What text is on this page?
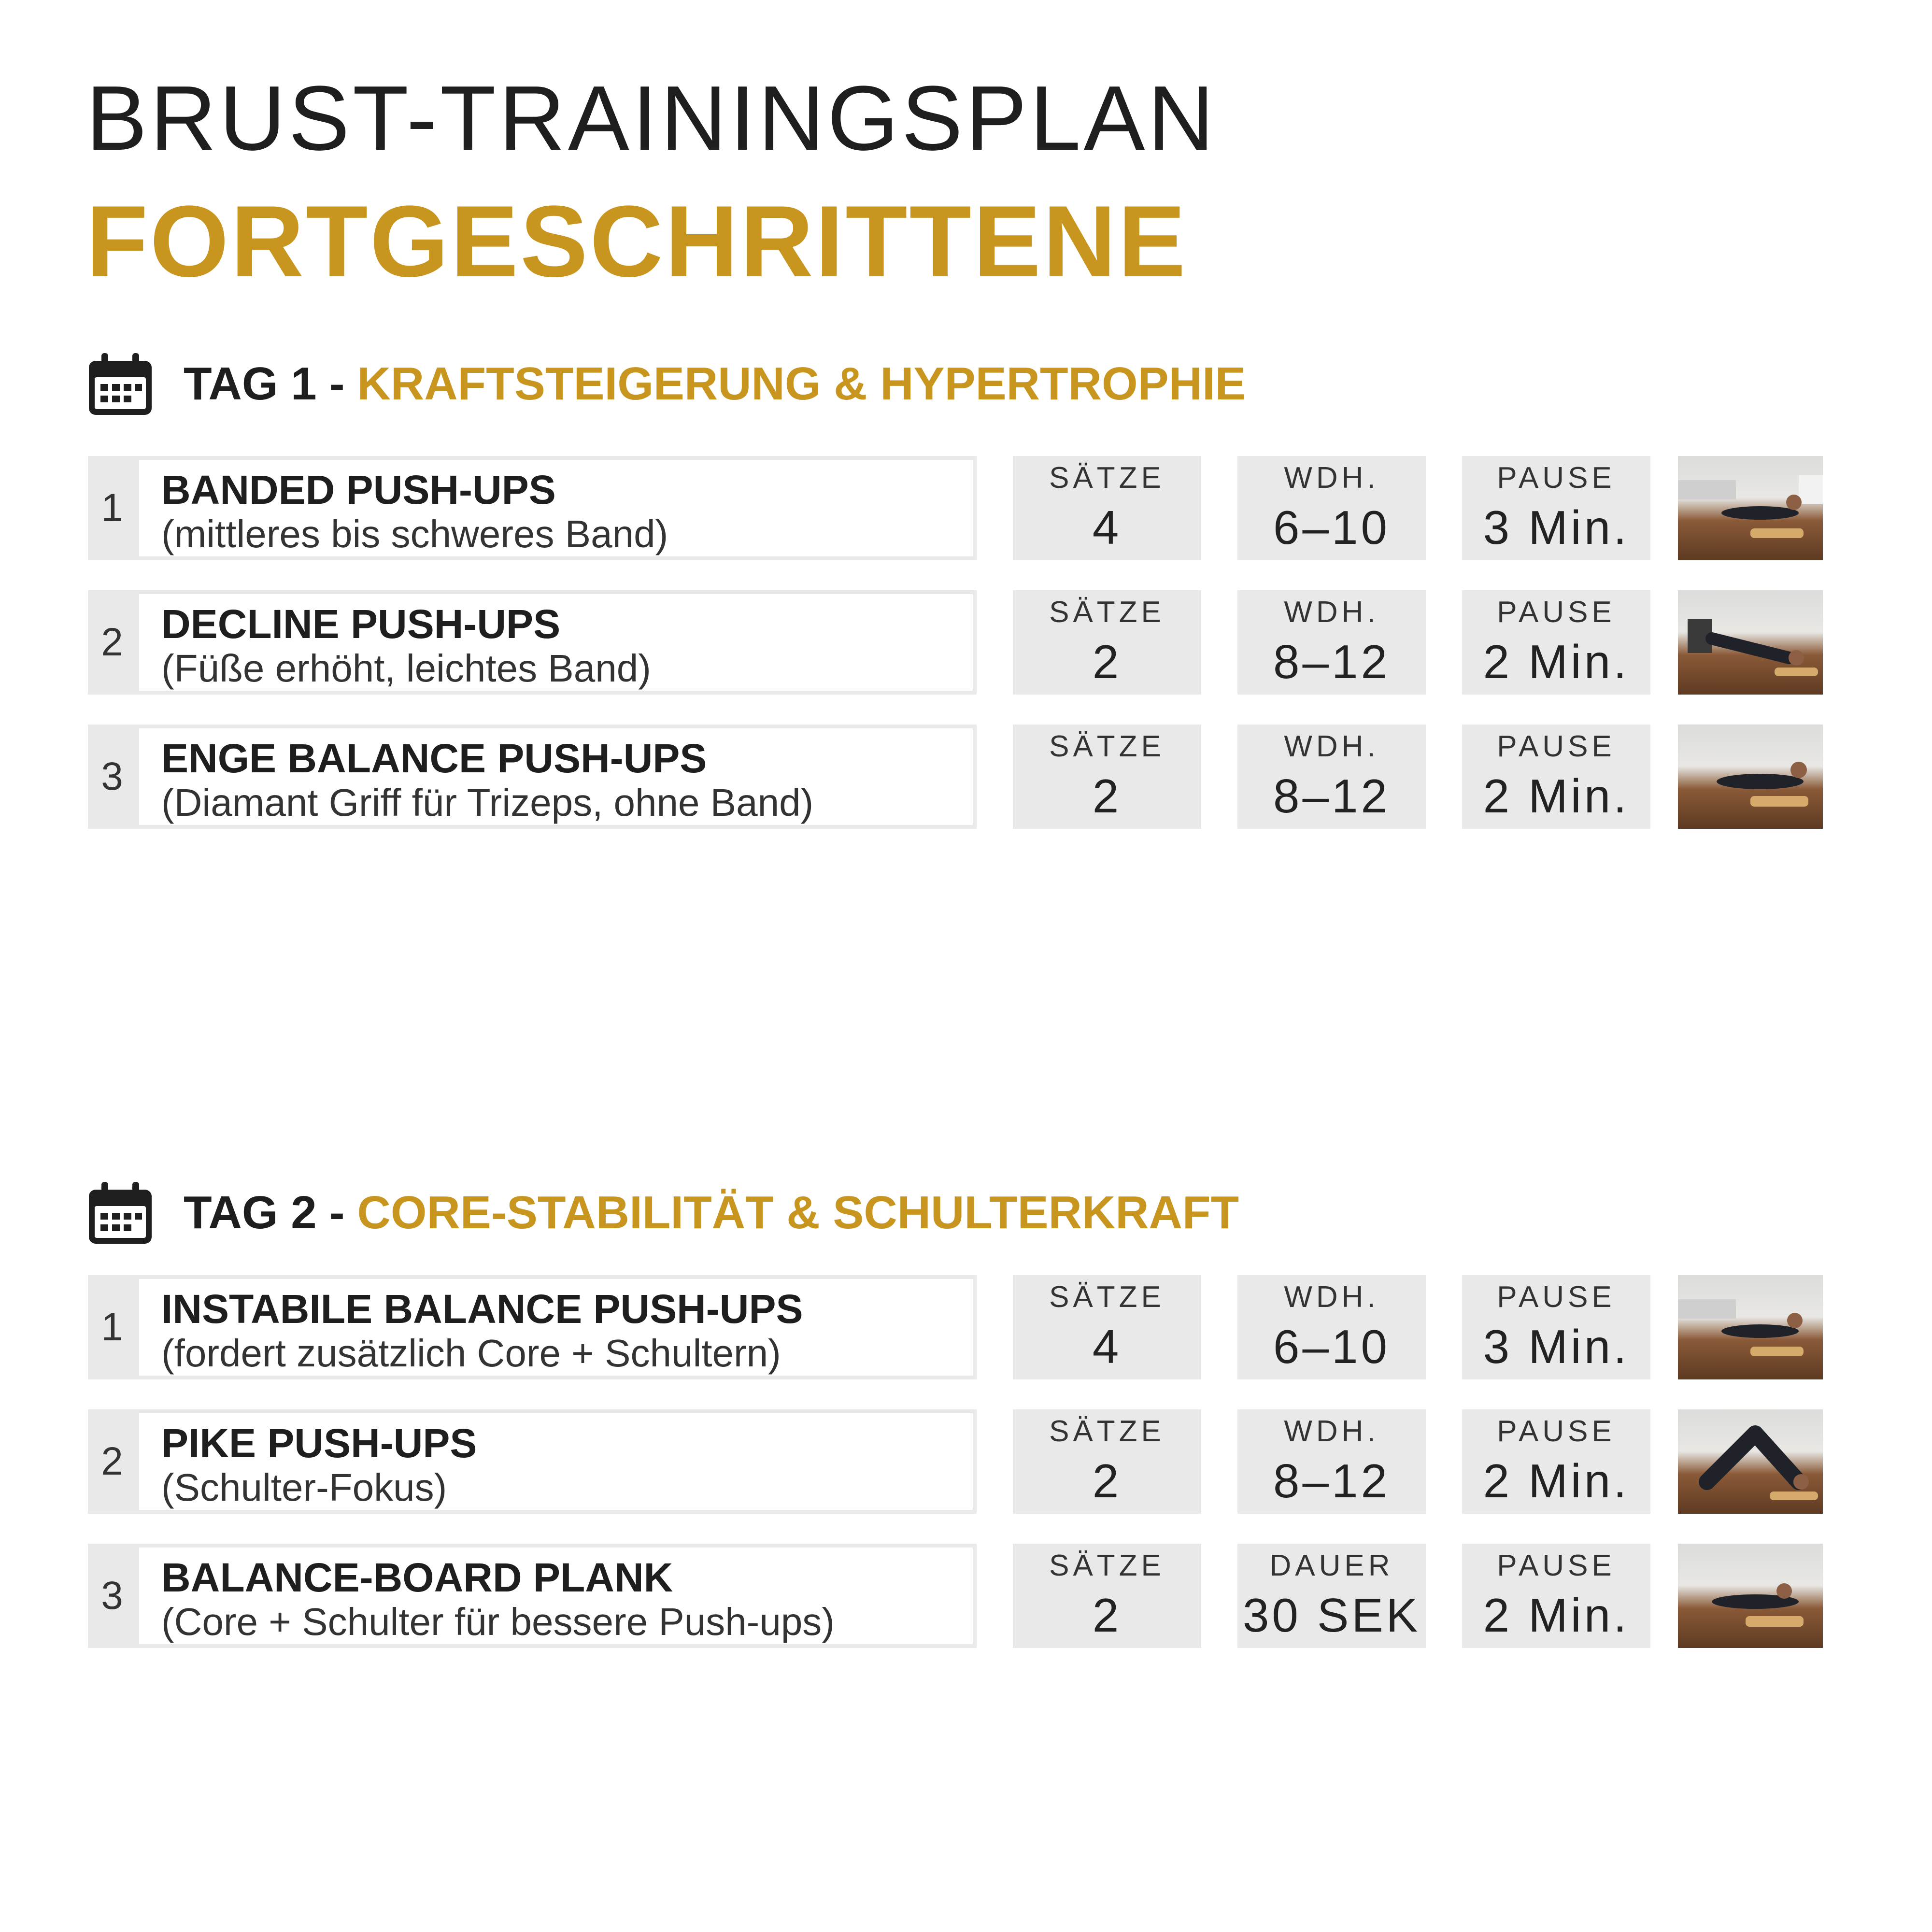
BRUST-TRAININGSPLAN
FORTGESCHRITTENE
TAG 1 - KRAFTSTEIGERUNG & HYPERTROPHIE
1 BANDED PUSH-UPS
(mittleres bis schweres Band)
SÄTZE
4
WDH.
6–10
PAUSE
3 Min.
2 DECLINE PUSH-UPS
(Füße erhöht, leichtes Band)
SÄTZE
2
WDH.
8–12
PAUSE
2 Min.
3 ENGE BALANCE PUSH-UPS
(Diamant Griff für Trizeps, ohne Band)
SÄTZE
2
WDH.
8–12
PAUSE
2 Min.
TAG 2 - CORE-STABILITÄT & SCHULTERKRAFT
1 INSTABILE BALANCE PUSH-UPS
(fordert zusätzlich Core + Schultern)
SÄTZE
4
WDH.
6–10
PAUSE
3 Min.
2 PIKE PUSH-UPS
(Schulter-Fokus)
SÄTZE
2
WDH.
8–12
PAUSE
2 Min.
3 BALANCE-BOARD PLANK
(Core + Schulter für bessere Push-ups)
SÄTZE
2
DAUER
30 SEK
PAUSE
2 Min.
